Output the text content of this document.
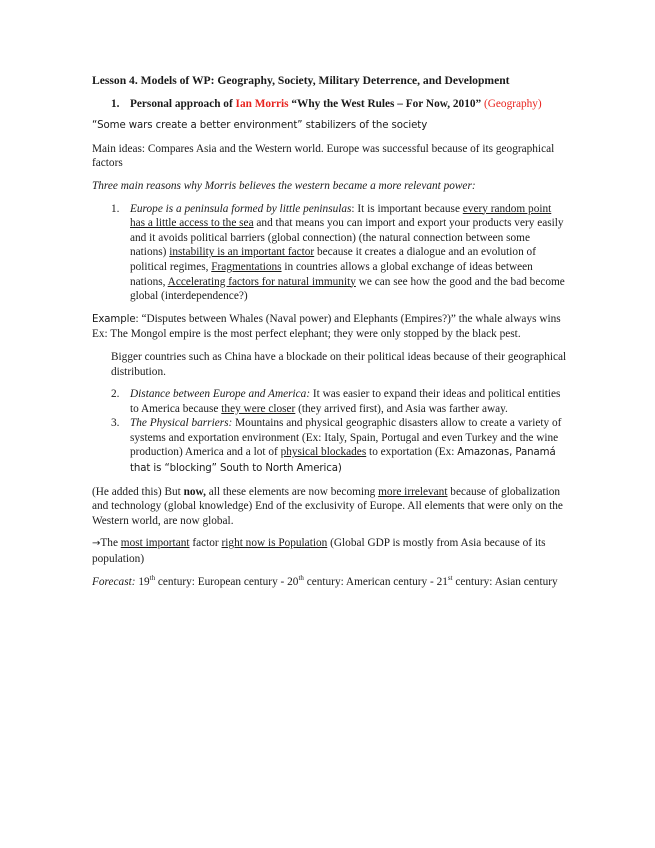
Lesson 4. Models of WP: Geography, Society, Military Deterrence, and Development

1. Personal approach of Ian Morris “Why the West Rules – For Now, 2010” (Geography)

“Some wars create a better environment” stabilizers of the society

Main ideas: Compares Asia and the Western world. Europe was successful because of its geographical factors

Three main reasons why Morris believes the western became a more relevant power:

1. Europe is a peninsula formed by little peninsulas: It is important because every random point has a little access to the sea and that means you can import and export your products very easily and it avoids political barriers (global connection) (the natural connection between some nations) instability is an important factor because it creates a dialogue and an evolution of political regimes, Fragmentations in countries allows a global exchange of ideas between nations, Accelerating factors for natural immunity we can see how the good and the bad become global (interdependence?)

Example: “Disputes between Whales (Naval power) and Elephants (Empires?)” the whale always wins Ex: The Mongol empire is the most perfect elephant; they were only stopped by the black pest.

Bigger countries such as China have a blockade on their political ideas because of their geographical distribution.

2. Distance between Europe and America: It was easier to expand their ideas and political entities to America because they were closer (they arrived first), and Asia was farther away.
3. The Physical barriers: Mountains and physical geographic disasters allow to create a variety of systems and exportation environment (Ex: Italy, Spain, Portugal and even Turkey and the wine production) America and a lot of physical blockades to exportation (Ex: Amazonas, Panamá that is “blocking” South to North America)

(He added this) But now, all these elements are now becoming more irrelevant because of globalization and technology (global knowledge) End of the exclusivity of Europe. All elements that were only on the Western world, are now global.

→The most important factor right now is Population (Global GDP is mostly from Asia because of its population)

Forecast: 19th century: European century - 20th century: American century - 21st century: Asian century
